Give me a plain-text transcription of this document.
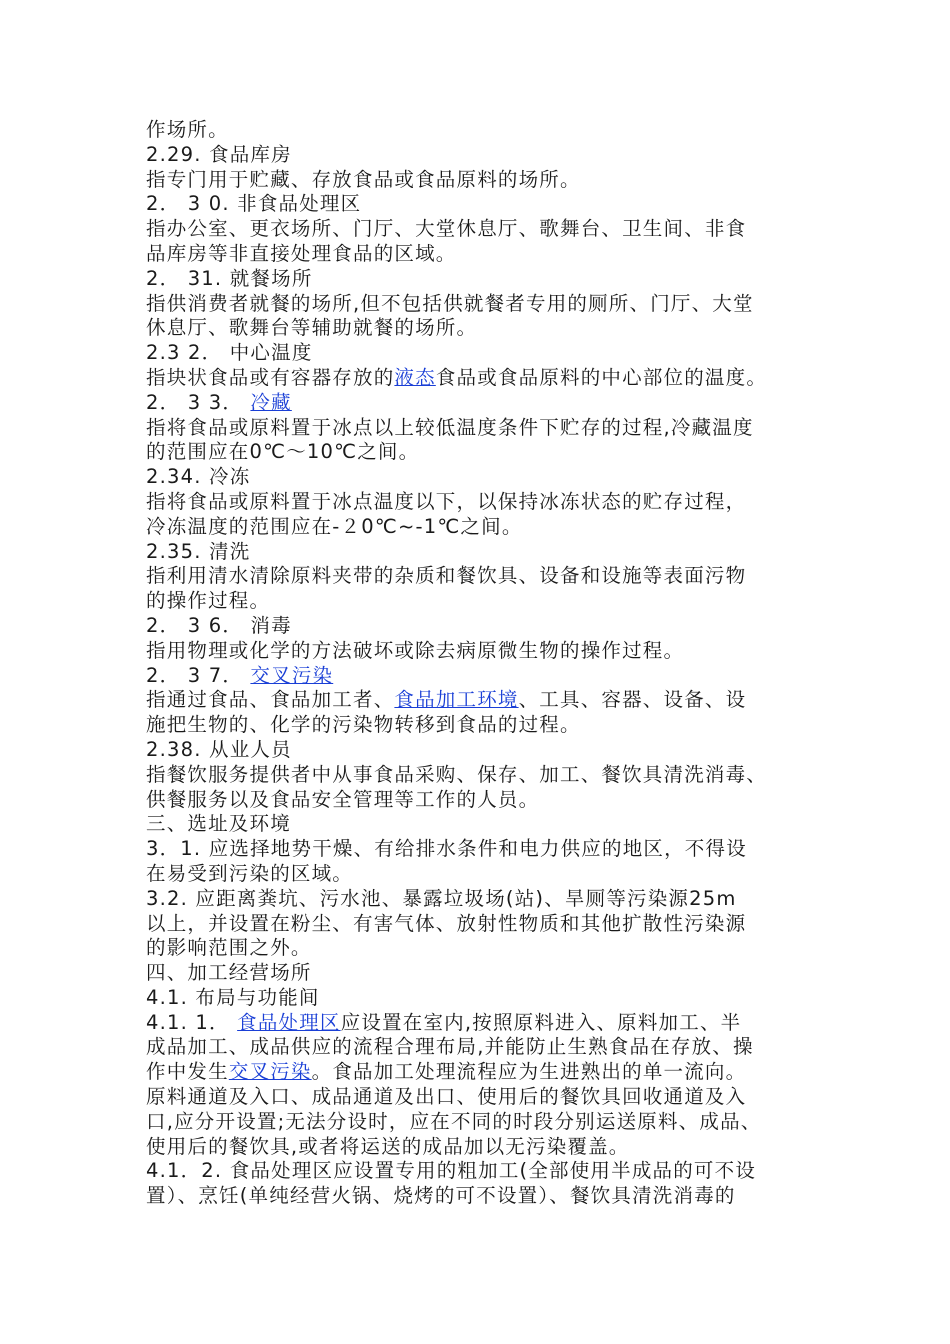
作场所。
2.29. 食品库房
指专门用于贮藏、存放食品或食品原料的场所。
2． 3 0. 非食品处理区
指办公室、更衣场所、门厅、大堂休息厅、歌舞台、卫生间、非食
品库房等非直接处理食品的区域。
2． 31. 就餐场所
指供消费者就餐的场所,但不包括供就餐者专用的厕所、门厅、大堂
休息厅、歌舞台等辅助就餐的场所。
2.3 2． 中心温度
指块状食品或有容器存放的液态食品或食品原料的中心部位的温度。
2． 3 3． 冷藏
指将食品或原料置于冰点以上较低温度条件下贮存的过程,冷藏温度
的范围应在0℃～10℃之间。
2.34. 冷冻
指将食品或原料置于冰点温度以下，以保持冰冻状态的贮存过程，
冷冻温度的范围应在-２0℃~-1℃之间。
2.35. 清洗
指利用清水清除原料夹带的杂质和餐饮具、设备和设施等表面污物
的操作过程。
2． 3 6． 消毒
指用物理或化学的方法破坏或除去病原微生物的操作过程。
2． 3 7． 交叉污染
指通过食品、食品加工者、食品加工环境、工具、容器、设备、设
施把生物的、化学的污染物转移到食品的过程。
2.38. 从业人员
指餐饮服务提供者中从事食品采购、保存、加工、餐饮具清洗消毒、
供餐服务以及食品安全管理等工作的人员。
三、选址及环境
3．1. 应选择地势干燥、有给排水条件和电力供应的地区，不得设
在易受到污染的区域。
3.2. 应距离粪坑、污水池、暴露垃圾场(站)、旱厕等污染源25m
以上，并设置在粉尘、有害气体、放射性物质和其他扩散性污染源
的影响范围之外。
四、加工经营场所
4.1. 布局与功能间
4.1. 1． 食品处理区应设置在室内,按照原料进入、原料加工、半
成品加工、成品供应的流程合理布局,并能防止生熟食品在存放、操
作中发生交叉污染。食品加工处理流程应为生进熟出的单一流向。
原料通道及入口、成品通道及出口、使用后的餐饮具回收通道及入
口,应分开设置;无法分设时，应在不同的时段分别运送原料、成品、
使用后的餐饮具,或者将运送的成品加以无污染覆盖。
4.1．2. 食品处理区应设置专用的粗加工(全部使用半成品的可不设
置）、烹饪(单纯经营火锅、烧烤的可不设置）、餐饮具清洗消毒的
